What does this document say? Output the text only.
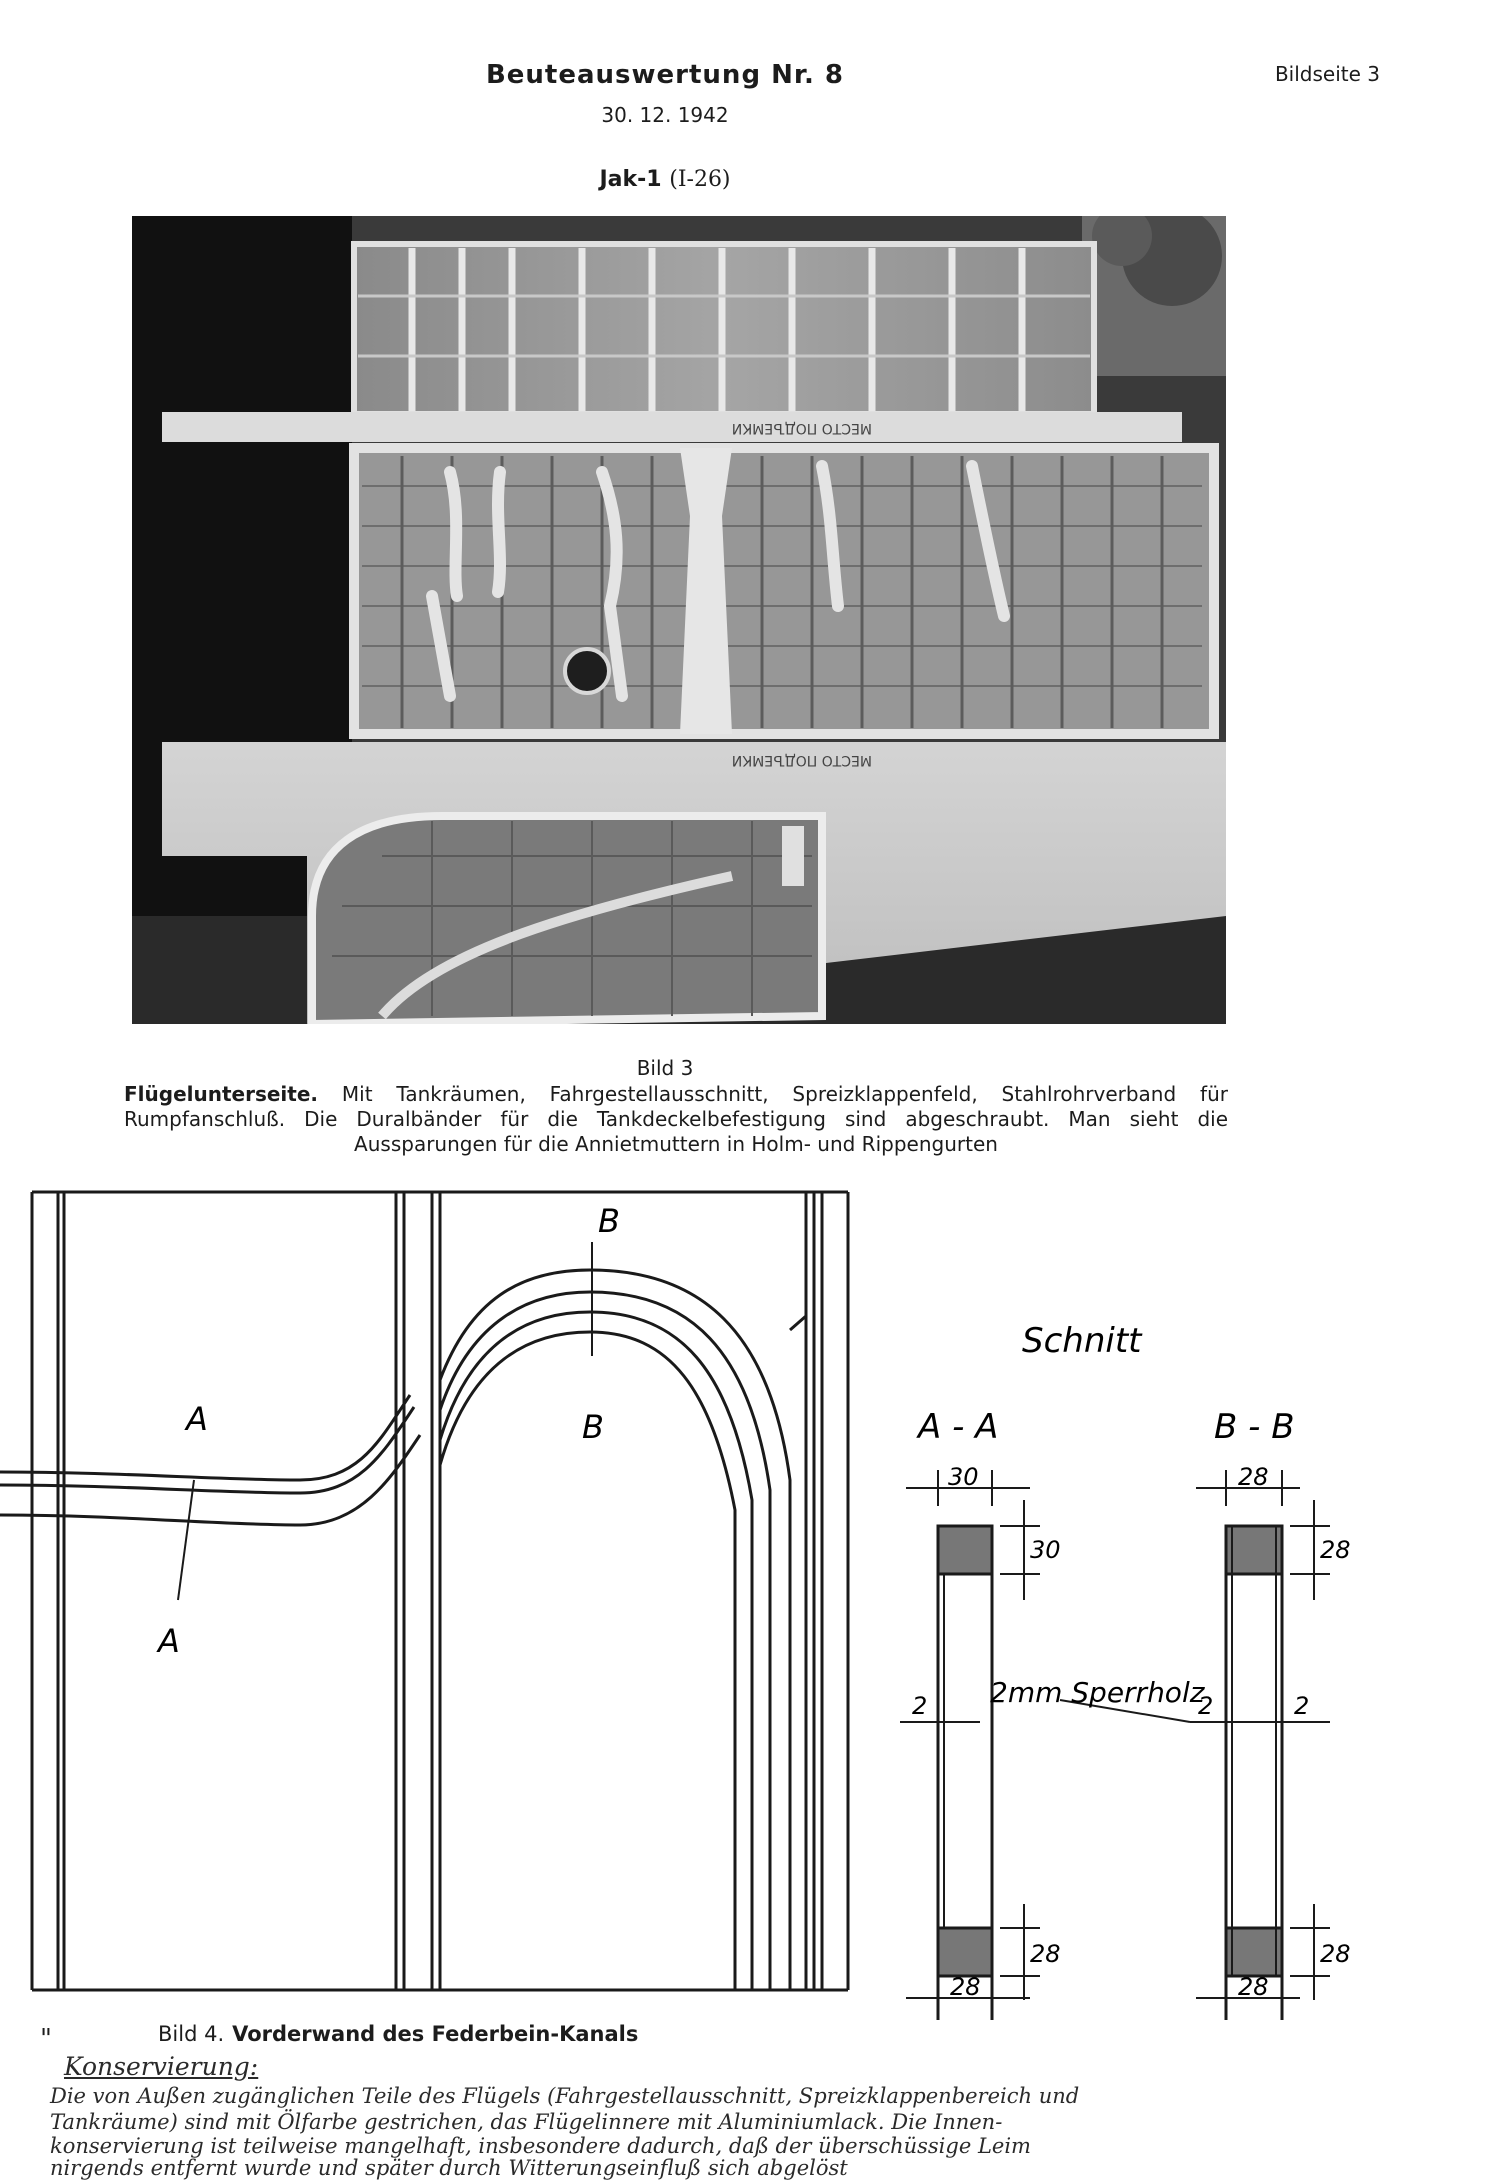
Beuteauswertung Nr. 8
30. 12. 1942
Bildseite 3
Jak-1 (I-26)
МЕСТО ПОДЪЕМКИ
МЕСТО ПОДЪЕМКИ
Bild 3
Flügelunterseite. Mit Tankräumen, Fahrgestellausschnitt, Spreizklappenfeld, Stahlrohrverband für Rumpfanschluß. Die Duralbänder für die Tankdeckelbefestigung sind abgeschraubt. Man sieht die Aussparungen für die Annietmuttern in Holm- und Rippengurten
A
A
B
B
Schnitt
A - A	B - B
30
30
28
28
2
28
28
28
28
2	2
2mm Sperrholz
"	Bild 4. Vorderwand des Federbein-Kanals
Konservierung:
Die von Außen zugänglichen Teile des Flügels (Fahrgestellausschnitt, Spreizklappenbereich und
Tankräume) sind mit Ölfarbe gestrichen, das Flügelinnere mit Aluminiumlack. Die Innen-
konservierung ist teilweise mangelhaft, insbesondere dadurch, daß der überschüssige Leim
nirgends entfernt wurde und später durch Witterungseinfluß sich abgelöst
